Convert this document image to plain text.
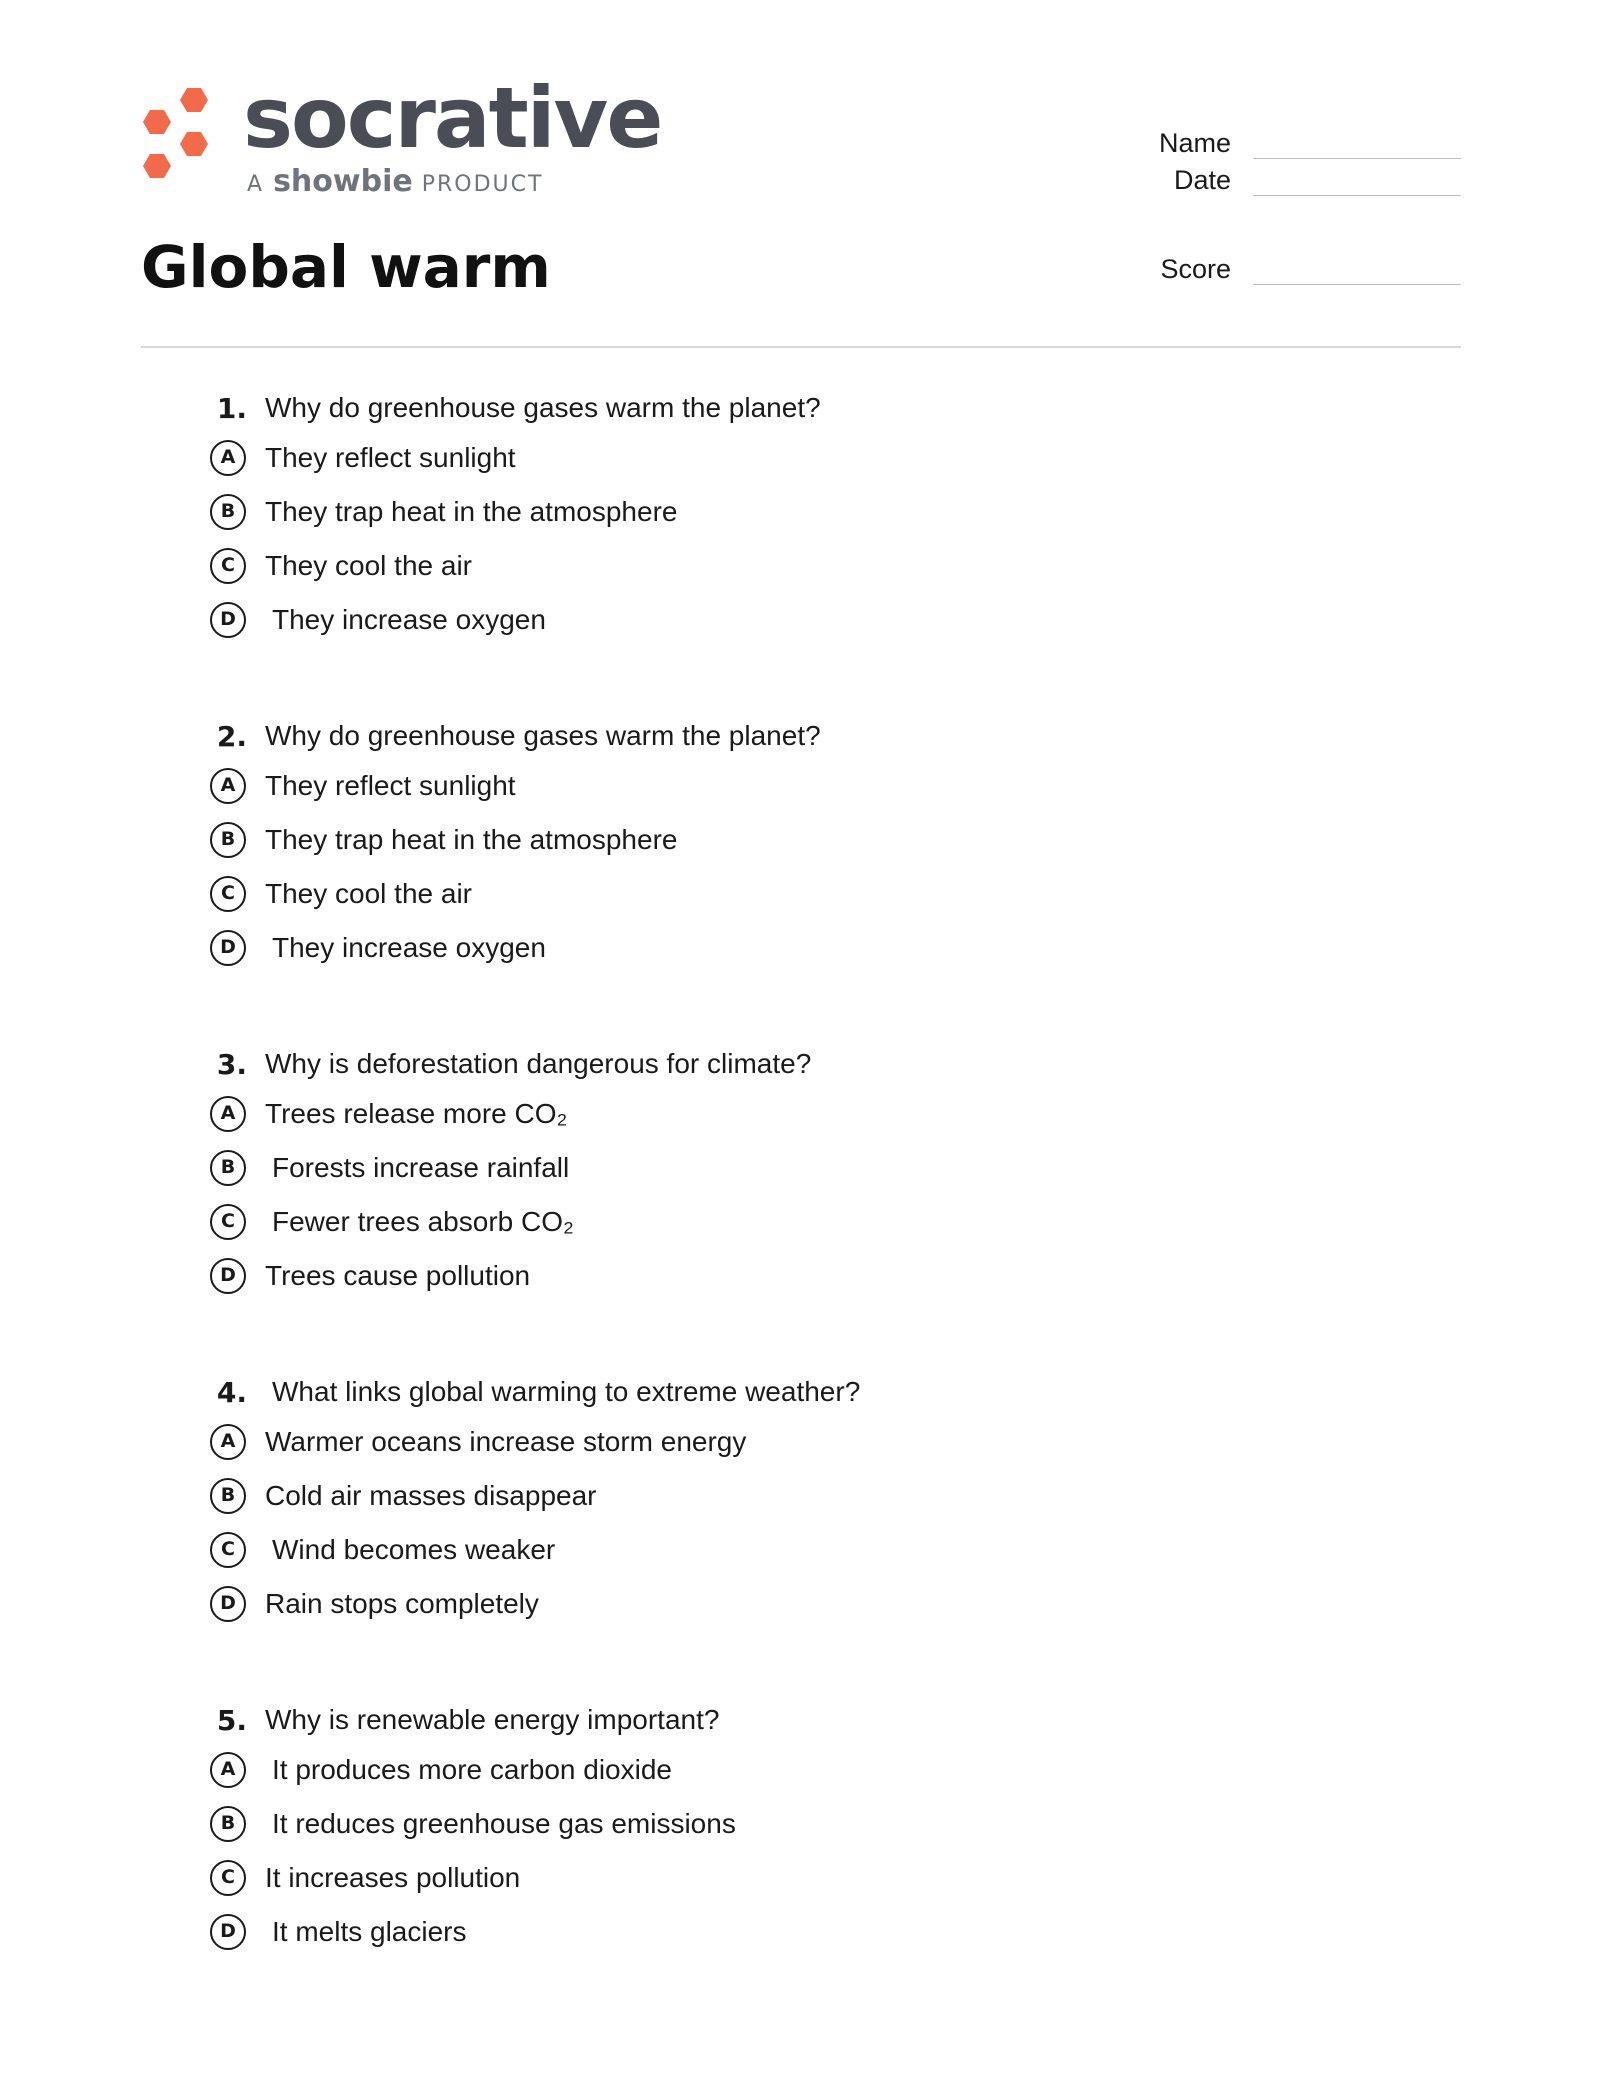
socrative
A showbie PRODUCT
Global warm
Name
Date
Score
1. Why do greenhouse gases warm the planet?
A	They reflect sunlight
B	They trap heat in the atmosphere
C	They cool the air
D	They increase oxygen
2. Why do greenhouse gases warm the planet?
A	They reflect sunlight
B	They trap heat in the atmosphere
C	They cool the air
D	They increase oxygen
3. Why is deforestation dangerous for climate?
A	Trees release more CO₂
B	Forests increase rainfall
C	Fewer trees absorb CO₂
D	Trees cause pollution
4. What links global warming to extreme weather?
A	Warmer oceans increase storm energy
B	Cold air masses disappear
C	Wind becomes weaker
D	Rain stops completely
5. Why is renewable energy important?
A	It produces more carbon dioxide
B	It reduces greenhouse gas emissions
C	It increases pollution
D	It melts glaciers
